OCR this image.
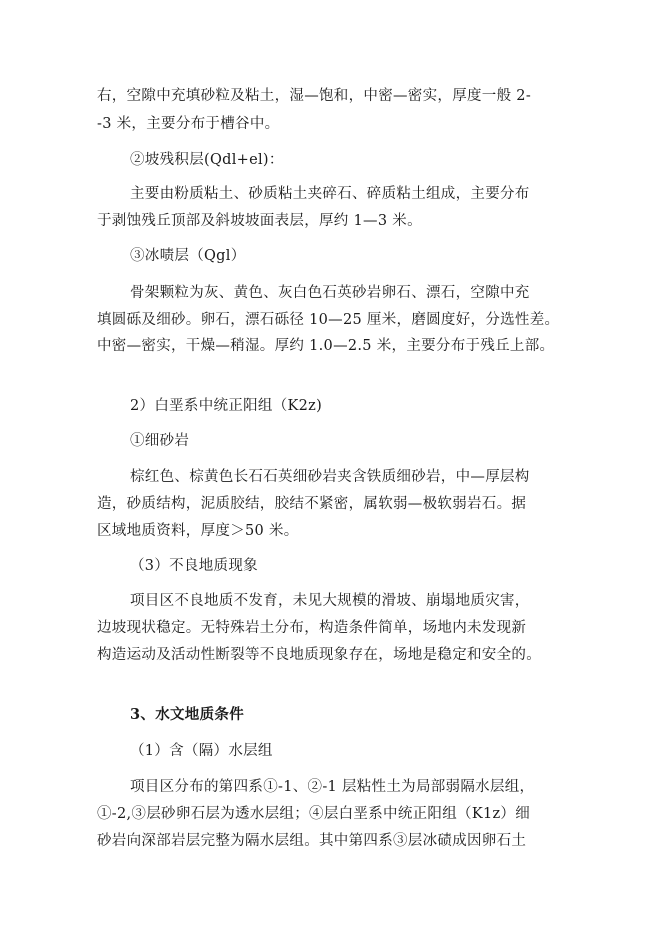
右，空隙中充填砂粒及粘土，湿—饱和，中密—密实，厚度一般 2-
-3 米，主要分布于槽谷中。
②坡残积层(Qdl+el)：
主要由粉质粘土、砂质粘土夹碎石、碎质粘土组成，主要分布
于剥蚀残丘顶部及斜坡坡面表层，厚约 1—3 米。
③冰啧层（Qgl）
骨架颗粒为灰、黄色、灰白色石英砂岩卵石、漂石，空隙中充
填圆砾及细砂。卵石，漂石砾径 10—25 厘米，磨圆度好，分选性差。
中密—密实，干燥—稍湿。厚约 1.0—2.5 米，主要分布于残丘上部。
2）白垩系中统正阳组（K2z)
①细砂岩
棕红色、棕黄色长石石英细砂岩夹含铁质细砂岩，中—厚层构
造，砂质结构，泥质胶结，胶结不紧密，属软弱—极软弱岩石。据
区域地质资料，厚度＞50 米。
（3）不良地质现象
项目区不良地质不发育，未见大规模的滑坡、崩塌地质灾害，
边坡现状稳定。无特殊岩土分布，构造条件简单，场地内未发现新
构造运动及活动性断裂等不良地质现象存在，场地是稳定和安全的。
3、水文地质条件
（1）含（隔）水层组
项目区分布的第四系①-1、②-1 层粘性土为局部弱隔水层组，
①-2,③层砂卵石层为透水层组；④层白垩系中统正阳组（K1z）细
砂岩向深部岩层完整为隔水层组。其中第四系③层冰碛成因卵石土
